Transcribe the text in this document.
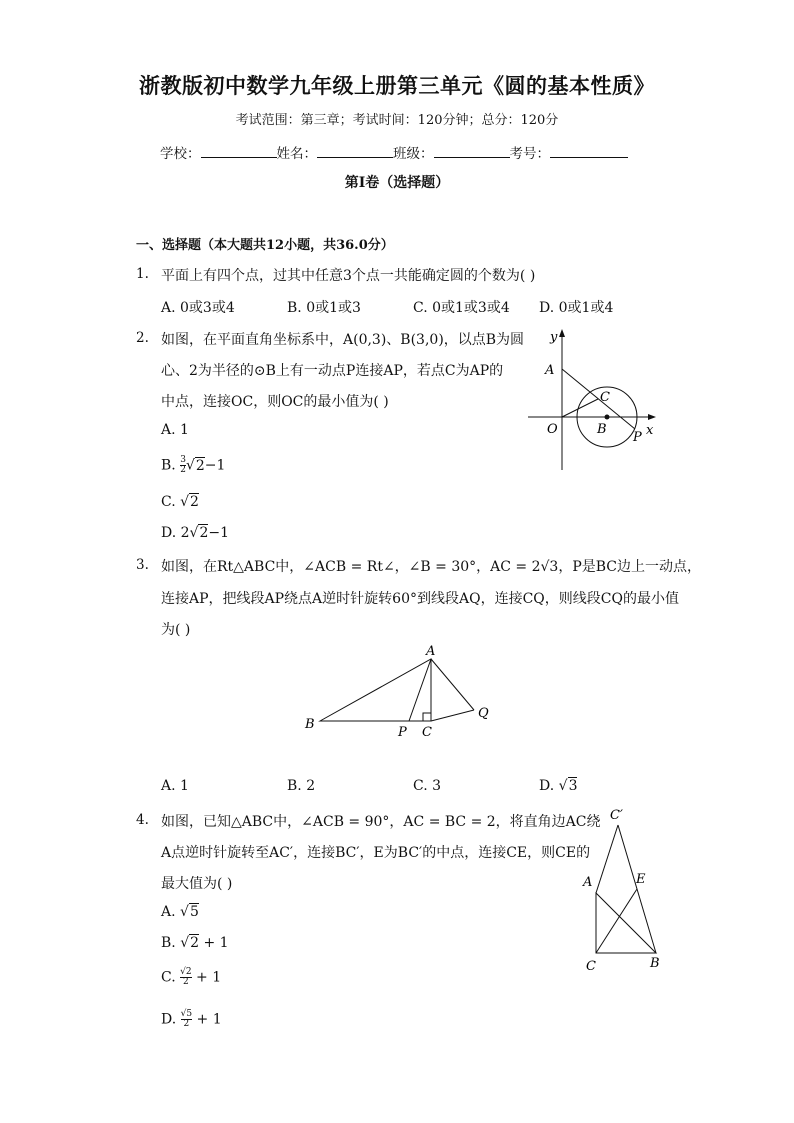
浙教版初中数学九年级上册第三单元《圆的基本性质》
考试范围：第三章；考试时间：120分钟；总分：120分
学校：	姓名：	班级：	考号：
第I卷（选择题）
一、选择题（本大题共12小题，共36.0分）
1. 平面上有四个点，过其中任意3个点一共能确定圆的个数为( )
A. 0或3或4	B. 0或1或3	C. 0或1或3或4 D. 0或1或4
2. 如图，在平面直角坐标系中，A(0,3)、B(3,0)，以点B为圆
心、2为半径的⊙B上有一动点P连接AP，若点C为AP的
中点，连接OC，则OC的最小值为( )
A. 1
B. $\frac{3}{2} √2-1$
C. √2
D. 2√2−1
y
A
C
O	B
P x
3. 如图，在Rt△ABC中，∠ACB = Rt∠，∠B = 30°，AC = 2√3，P是BC边上一动点，
连接AP，把线段AP绕点A逆时针旋转60°到线段AQ，连接CQ，则线段CQ的最小值
为( )
A
B
P C
Q
A. 1	B. 2	C. 3	D. √3
4. 如图，已知△ABC中，∠ACB = 90°，AC = BC = 2，将直角边AC绕
A点逆时针旋转至AC′，连接BC′，E为BC′的中点，连接CE，则CE的
最大值为( )
A. √5
B. √2 + 1
C. $\frac{√2}{2} + 1$
D. $\frac{√5}{2} + 1$
C′
A	E
C	B
